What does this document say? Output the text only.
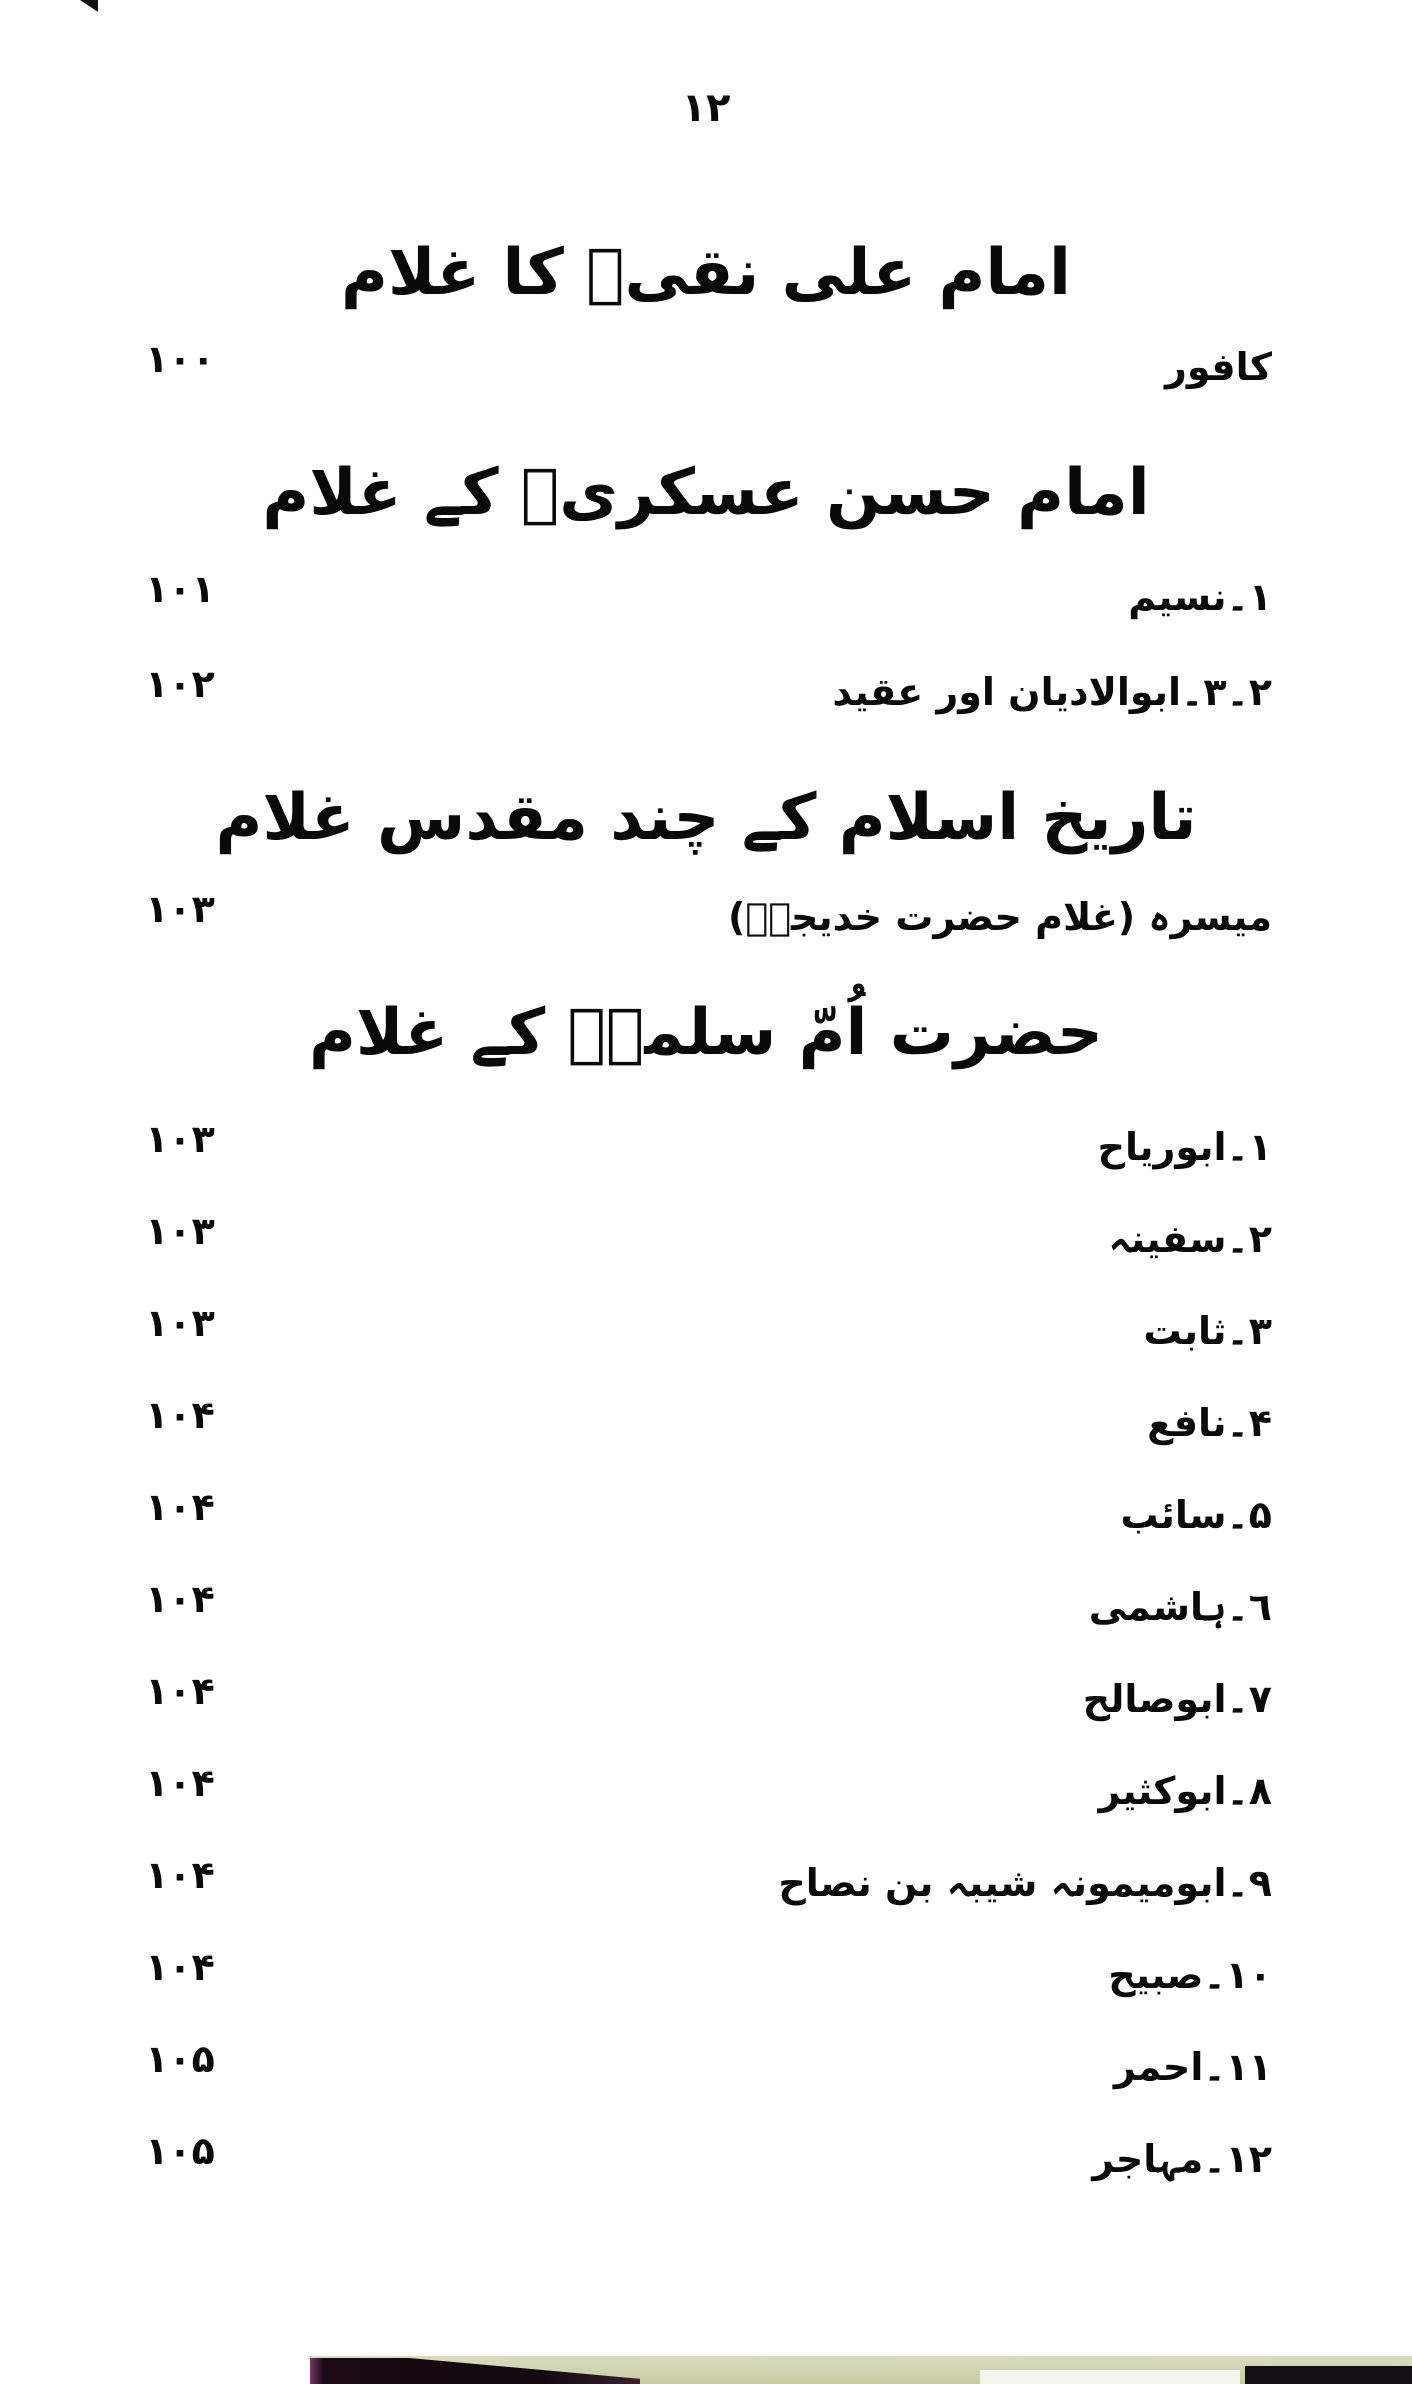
١٢
امام علی نقیؑ کا غلام
کافور
١٠٠
امام حسن عسکریؑ کے غلام
١۔نسیم
١٠١
٢۔٣۔ابوالادیان اور عقید
١٠٢
تاریخ اسلام کے چند مقدس غلام
میسرہ (غلام حضرت خدیجہؑ)
١٠٣
حضرت اُمّ سلمہؑ کے غلام
١۔ابوریاح
١٠٣
٢۔سفینہ
١٠٣
٣۔ثابت
١٠٣
۴۔نافع
١٠۴
۵۔سائب
١٠۴
٦۔ہاشمی
١٠۴
٧۔ابوصالح
١٠۴
٨۔ابوکثیر
١٠۴
٩۔ابومیمونہ شیبہ بن نصاح
١٠۴
١٠۔صبیح
١٠۴
١١۔احمر
١٠۵
١٢۔مہاجر
١٠۵
